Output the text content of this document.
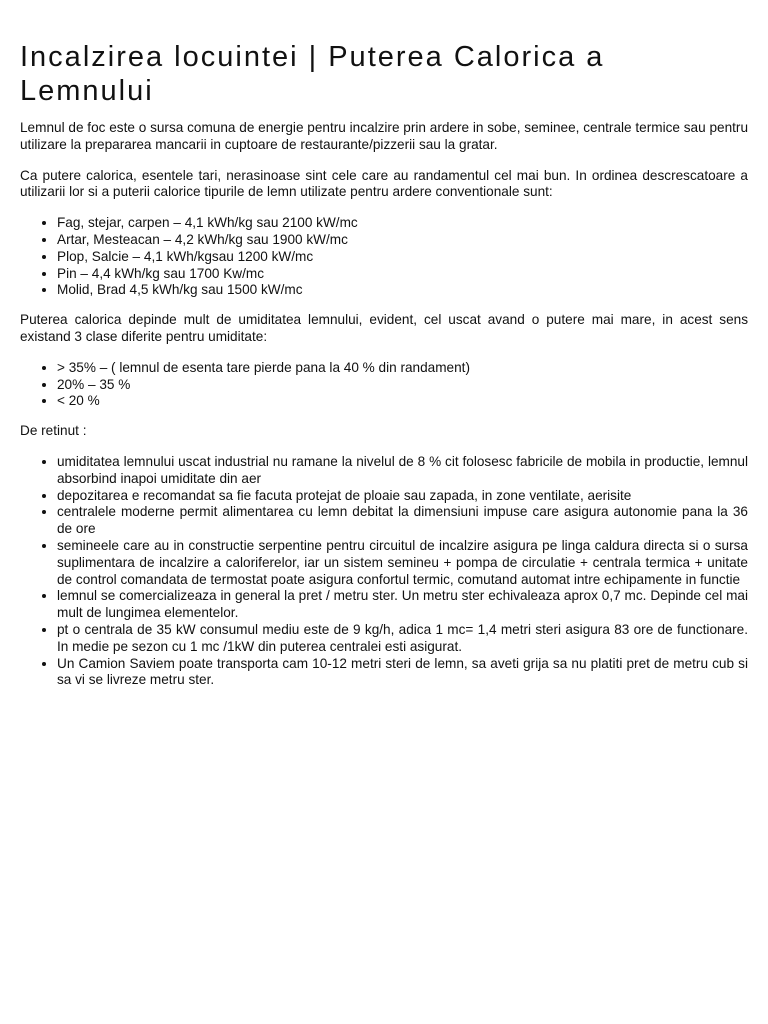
Incalzirea locuintei | Puterea Calorica a Lemnului

Lemnul de foc este o sursa comuna de energie pentru incalzire prin ardere in sobe, seminee, centrale termice sau pentru utilizare la prepararea mancarii in cuptoare de restaurante/pizzerii sau la gratar.

Ca putere calorica, esentele tari, nerasinoase sint cele care au randamentul cel mai bun. In ordinea descrescatoare a utilizarii lor si a puterii calorice tipurile de lemn utilizate pentru ardere conventionale sunt:

• Fag, stejar, carpen – 4,1 kWh/kg sau 2100 kW/mc
• Artar, Mesteacan – 4,2 kWh/kg sau 1900 kW/mc
• Plop, Salcie – 4,1 kWh/kgsau 1200 kW/mc
• Pin – 4,4 kWh/kg sau 1700 Kw/mc
• Molid, Brad 4,5 kWh/kg sau 1500 kW/mc

Puterea calorica depinde mult de umiditatea lemnului, evident, cel uscat avand o putere mai mare, in acest sens existand 3 clase diferite pentru umiditate:

• > 35% – ( lemnul de esenta tare pierde pana la 40 % din randament)
• 20% – 35 %
• < 20 %

De retinut :

• umiditatea lemnului uscat industrial nu ramane la nivelul de 8 % cit folosesc fabricile de mobila in productie, lemnul absorbind inapoi umiditate din aer
• depozitarea e recomandat sa fie facuta protejat de ploaie sau zapada, in zone ventilate, aerisite
• centralele moderne permit alimentarea cu lemn debitat la dimensiuni impuse care asigura autonomie pana la 36 de ore
• semineele care au in constructie serpentine pentru circuitul de incalzire asigura pe linga caldura directa si o sursa suplimentara de incalzire a caloriferelor, iar un sistem semineu + pompa de circulatie + centrala termica + unitate de control comandata de termostat poate asigura confortul termic, comutand automat intre echipamente in functie
• lemnul se comercializeaza in general la pret / metru ster. Un metru ster echivaleaza aprox 0,7 mc. Depinde cel mai mult de lungimea elementelor.
• pt o centrala de 35 kW consumul mediu este de 9 kg/h, adica 1 mc= 1,4 metri steri asigura 83 ore de functionare. In medie pe sezon cu 1 mc /1kW din puterea centralei esti asigurat.
• Un Camion Saviem poate transporta cam 10-12 metri steri de lemn, sa aveti grija sa nu platiti pret de metru cub si sa vi se livreze metru ster.
